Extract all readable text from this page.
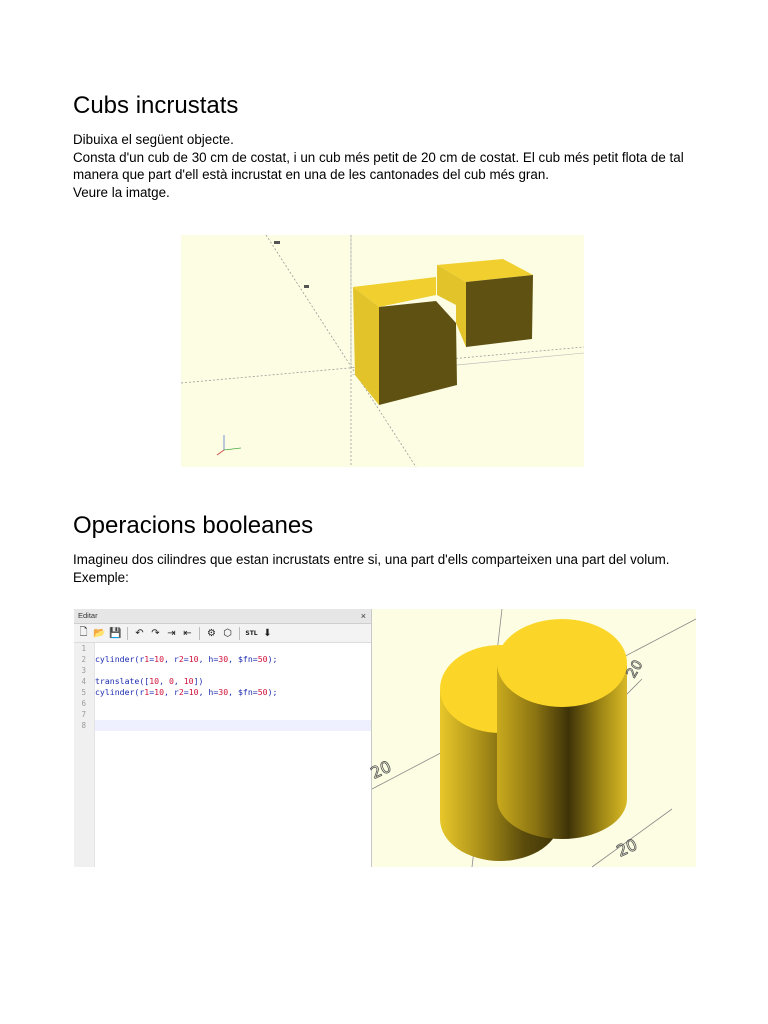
Cubs incrustats

Dibuixa el següent objecte.

Consta d'un cub de 30 cm de costat, i un cub més petit de 20 cm de costat. El cub més petit flota de tal manera que part d'ell està incrustat en una de les cantonades del cub més gran.

Veure la imatge.

Operacions booleanes

Imagineu dos cilindres que estan incrustats entre si, una part d'ells comparteixen una part del volum. Exemple:

Editar	×
🗋 📂 💾 ↶ ↷ ⇥ ⇤ ⚙ ⬡	STL ⬇
1
2 cylinder(r1=10, r2=10, h=30, $fn=50);
3
4 translate([10, 0, 10])
5 cylinder(r1=10, r2=10, h=30, $fn=50);
6
7
8
20
20
20
